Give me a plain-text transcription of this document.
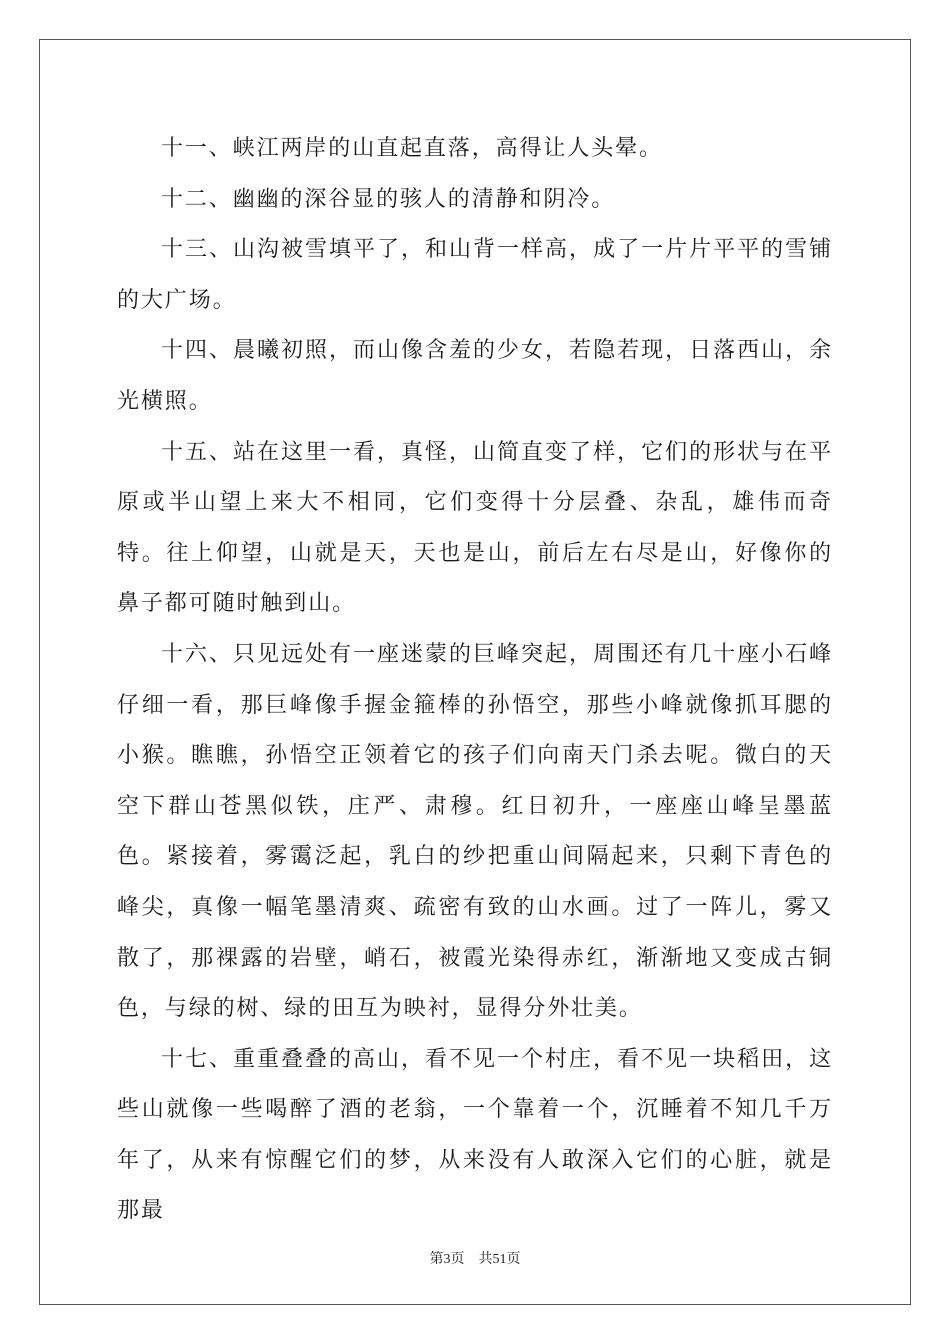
十一、峡江两岸的山直起直落，高得让人头晕。

十二、幽幽的深谷显的骇人的清静和阴冷。

十三、山沟被雪填平了，和山背一样高，成了一片片平平的雪铺的大广场。

十四、晨曦初照，而山像含羞的少女，若隐若现，日落西山，余光横照。

十五、站在这里一看，真怪，山简直变了样，它们的形状与在平原或半山望上来大不相同，它们变得十分层叠、杂乱，雄伟而奇特。往上仰望，山就是天，天也是山，前后左右尽是山，好像你的鼻子都可随时触到山。

十六、只见远处有一座迷蒙的巨峰突起，周围还有几十座小石峰仔细一看，那巨峰像手握金箍棒的孙悟空，那些小峰就像抓耳腮的小猴。瞧瞧，孙悟空正领着它的孩子们向南天门杀去呢。微白的天空下群山苍黑似铁，庄严、肃穆。红日初升，一座座山峰呈墨蓝色。紧接着，雾霭泛起，乳白的纱把重山间隔起来，只剩下青色的峰尖，真像一幅笔墨清爽、疏密有致的山水画。过了一阵儿，雾又散了，那裸露的岩壁，峭石，被霞光染得赤红，渐渐地又变成古铜色，与绿的树、绿的田互为映衬，显得分外壮美。

十七、重重叠叠的高山，看不见一个村庄，看不见一块稻田，这些山就像一些喝醉了酒的老翁，一个靠着一个，沉睡着不知几千万年了，从来有惊醒它们的梦，从来没有人敢深入它们的心脏，就是那最

第3页 共51页
